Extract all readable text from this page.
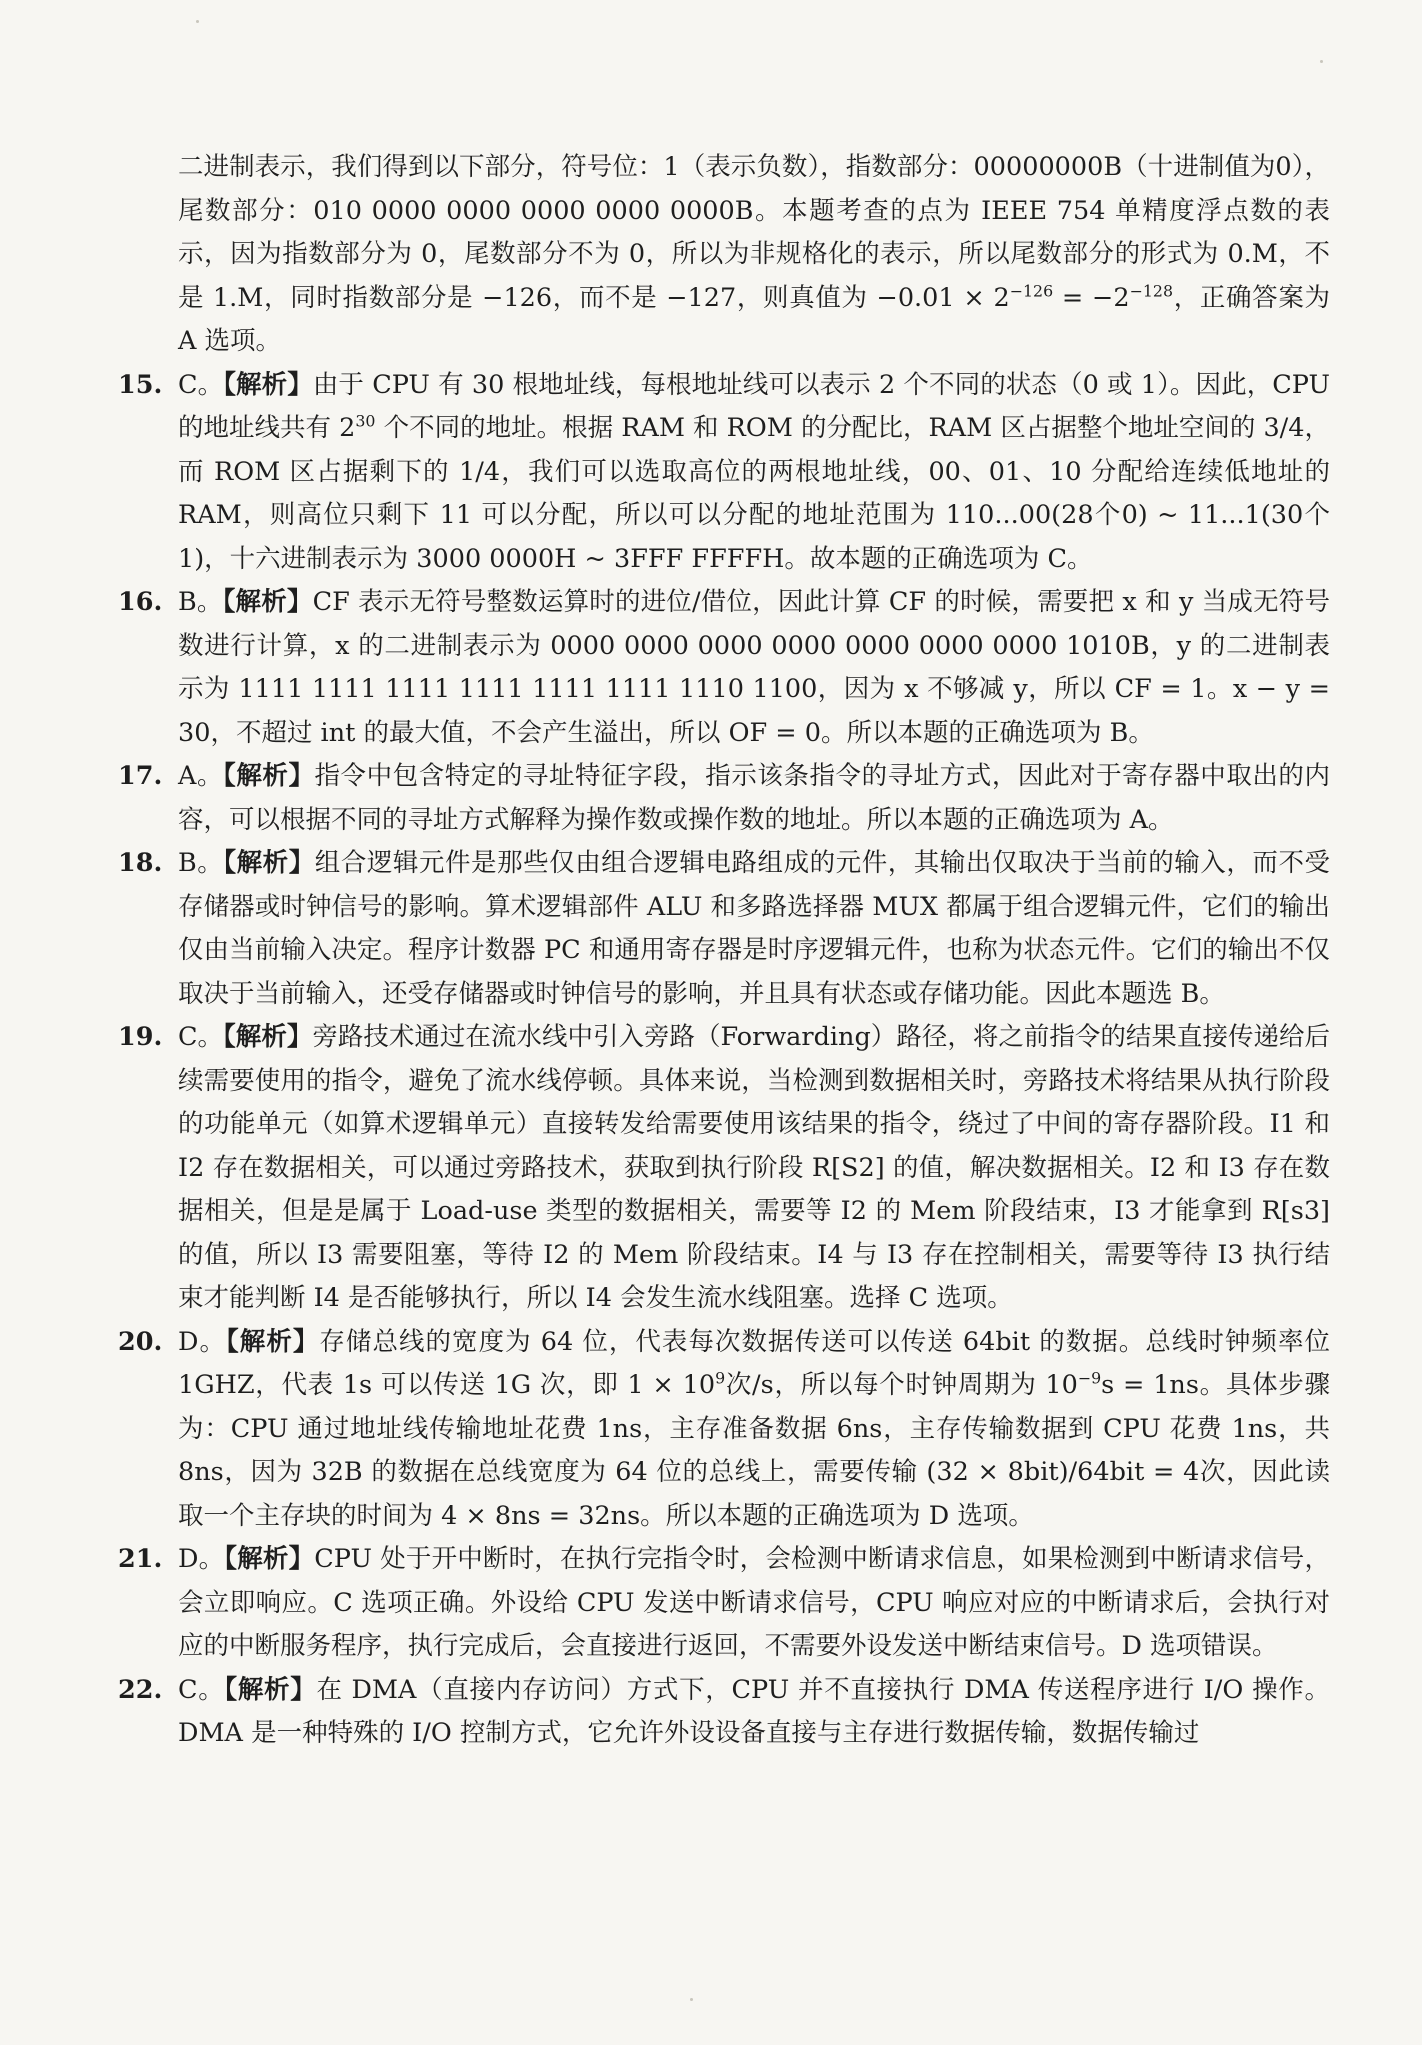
二进制表示，我们得到以下部分，符号位：1（表示负数），指数部分：00000000B（十进制值为0），尾数部分：010 0000 0000 0000 0000 0000B。本题考查的点为 IEEE 754 单精度浮点数的表示，因为指数部分为 0，尾数部分不为 0，所以为非规格化的表示，所以尾数部分的形式为 0.M，不是 1.M，同时指数部分是 −126，而不是 −127，则真值为 $-0.01 \times 2^{-126} = -2^{-128}$，正确答案为 A 选项。

15. C。【解析】由于 CPU 有 30 根地址线，每根地址线可以表示 2 个不同的状态（0 或 1）。因此，CPU 的地址线共有 $2^{30}$ 个不同的地址。根据 RAM 和 ROM 的分配比，RAM 区占据整个地址空间的 3/4，而 ROM 区占据剩下的 1/4，我们可以选取高位的两根地址线，00、01、10 分配给连续低地址的 RAM，则高位只剩下 11 可以分配，所以可以分配的地址范围为 110...00(28个0) ~ 11...1(30个1)，十六进制表示为 3000 0000H ~ 3FFF FFFFH。故本题的正确选项为 C。
16. B。【解析】CF 表示无符号整数运算时的进位/借位，因此计算 CF 的时候，需要把 x 和 y 当成无符号数进行计算，x 的二进制表示为 0000 0000 0000 0000 0000 0000 0000 1010B，y 的二进制表示为 1111 1111 1111 1111 1111 1111 1110 1100，因为 x 不够减 y，所以 CF = 1。x − y = 30，不超过 int 的最大值，不会产生溢出，所以 OF = 0。所以本题的正确选项为 B。
17. A。【解析】指令中包含特定的寻址特征字段，指示该条指令的寻址方式，因此对于寄存器中取出的内容，可以根据不同的寻址方式解释为操作数或操作数的地址。所以本题的正确选项为 A。
18. B。【解析】组合逻辑元件是那些仅由组合逻辑电路组成的元件，其输出仅取决于当前的输入，而不受存储器或时钟信号的影响。算术逻辑部件 ALU 和多路选择器 MUX 都属于组合逻辑元件，它们的输出仅由当前输入决定。程序计数器 PC 和通用寄存器是时序逻辑元件，也称为状态元件。它们的输出不仅取决于当前输入，还受存储器或时钟信号的影响，并且具有状态或存储功能。因此本题选 B。
19. C。【解析】旁路技术通过在流水线中引入旁路（Forwarding）路径，将之前指令的结果直接传递给后续需要使用的指令，避免了流水线停顿。具体来说，当检测到数据相关时，旁路技术将结果从执行阶段的功能单元（如算术逻辑单元）直接转发给需要使用该结果的指令，绕过了中间的寄存器阶段。I1 和 I2 存在数据相关，可以通过旁路技术，获取到执行阶段 R[S2] 的值，解决数据相关。I2 和 I3 存在数据相关，但是是属于 Load-use 类型的数据相关，需要等 I2 的 Mem 阶段结束，I3 才能拿到 R[s3] 的值，所以 I3 需要阻塞，等待 I2 的 Mem 阶段结束。I4 与 I3 存在控制相关，需要等待 I3 执行结束才能判断 I4 是否能够执行，所以 I4 会发生流水线阻塞。选择 C 选项。
20. D。【解析】存储总线的宽度为 64 位，代表每次数据传送可以传送 64bit 的数据。总线时钟频率位 1GHZ，代表 1s 可以传送 1G 次，即 $1 \times 10^9$次/s，所以每个时钟周期为 $10^{-9}s = 1ns$。具体步骤为：CPU 通过地址线传输地址花费 1ns，主存准备数据 6ns，主存传输数据到 CPU 花费 1ns，共 8ns，因为 32B 的数据在总线宽度为 64 位的总线上，需要传输 (32 × 8bit)/64bit = 4次，因此读取一个主存块的时间为 4 × 8ns = 32ns。所以本题的正确选项为 D 选项。
21. D。【解析】CPU 处于开中断时，在执行完指令时，会检测中断请求信息，如果检测到中断请求信号，会立即响应。C 选项正确。外设给 CPU 发送中断请求信号，CPU 响应对应的中断请求后，会执行对应的中断服务程序，执行完成后，会直接进行返回，不需要外设发送中断结束信号。D 选项错误。
22. C。【解析】在 DMA（直接内存访问）方式下，CPU 并不直接执行 DMA 传送程序进行 I/O 操作。DMA 是一种特殊的 I/O 控制方式，它允许外设设备直接与主存进行数据传输，数据传输过
